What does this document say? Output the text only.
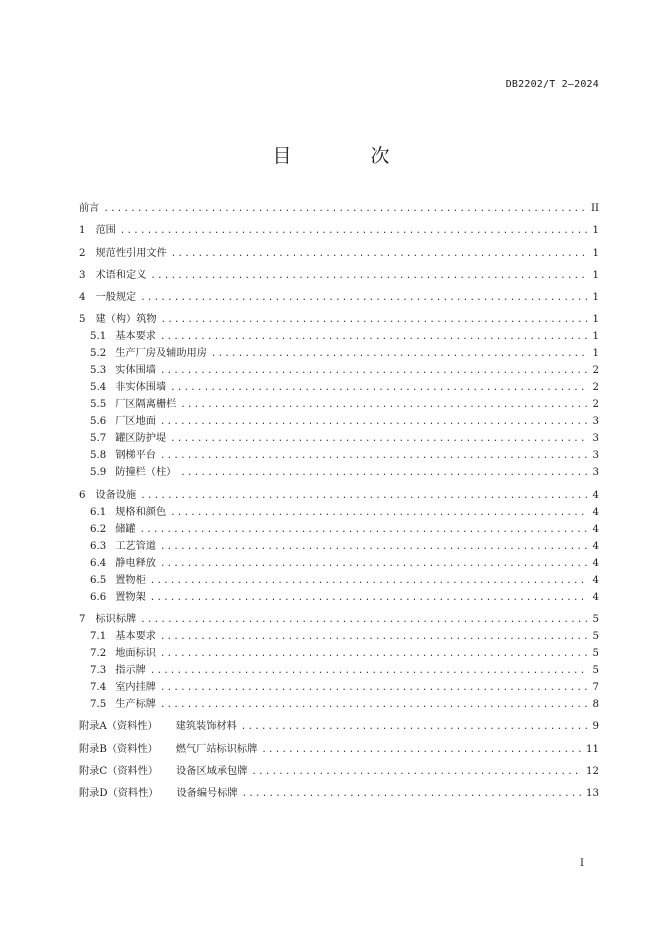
DB2202/T 2—2024
目　次
前言 .....	II
1 范围 .....	1
2 规范性引用文件 .....	1
3 术语和定义 .....	1
4 一般规定 .....	1
5 建（构）筑物 .....	1
5.1 基本要求 .....	1
5.2 生产厂房及辅助用房 .....	1
5.3 实体围墙 .....	2
5.4 非实体围墙 .....	2
5.5 厂区隔离栅栏 .....	2
5.6 厂区地面 .....	3
5.7 罐区防护堤 .....	3
5.8 钢梯平台 .....	3
5.9 防撞栏（柱） .....	3
6 设备设施 .....	4
6.1 规格和颜色 .....	4
6.2 储罐 .....	4
6.3 工艺管道 .....	4
6.4 静电释放 .....	4
6.5 置物柜 .....	4
6.6 置物架 .....	4
7 标识标牌 .....	5
7.1 基本要求 .....	5
7.2 地面标识 .....	5
7.3 指示牌 .....	5
7.4 室内挂牌 .....	7
7.5 生产标牌 .....	8
附录A（资料性） 建筑装饰材料 .....	9
附录B（资料性） 燃气厂站标识标牌 .....	11
附录C（资料性） 设备区域承包牌 .....	12
附录D（资料性） 设备编号标牌 .....	13
I
